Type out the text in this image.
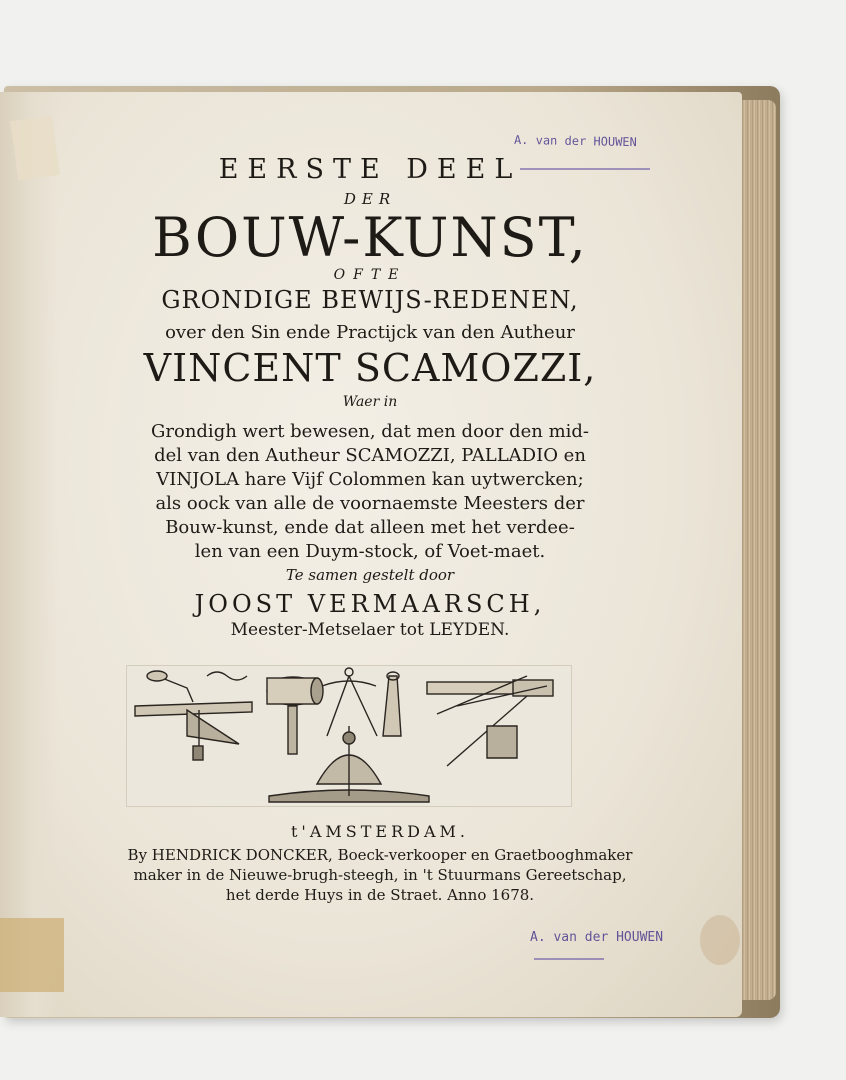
A. van der HOUWEN
EERSTE DEEL
DER
BOUW-KUNST,
OFTE
GRONDIGE BEWIJS-REDENEN,
over den Sin ende Practijck van den Autheur
VINCENT SCAMOZZI,
Waer in
Grondigh wert bewesen, dat men door den mid-
del van den Autheur SCAMOZZI, PALLADIO en
VINJOLA hare Vijf Colommen kan uytwercken;
als oock van alle de voornaemste Meesters der
Bouw-kunst, ende dat alleen met het verdee-
len van een Duym-stock, of Voet-maet.
Te samen gestelt door
JOOST VERMAARSCH,
Meester-Metselaer tot LEYDEN.
t'AMSTERDAM.
By HENDRICK DONCKER, Boeck-verkooper en Graetbooghmaker
maker in de Nieuwe-brugh-steegh, in 't Stuurmans Gereetschap,
het derde Huys in de Straet. Anno 1678.
A. van der HOUWEN
